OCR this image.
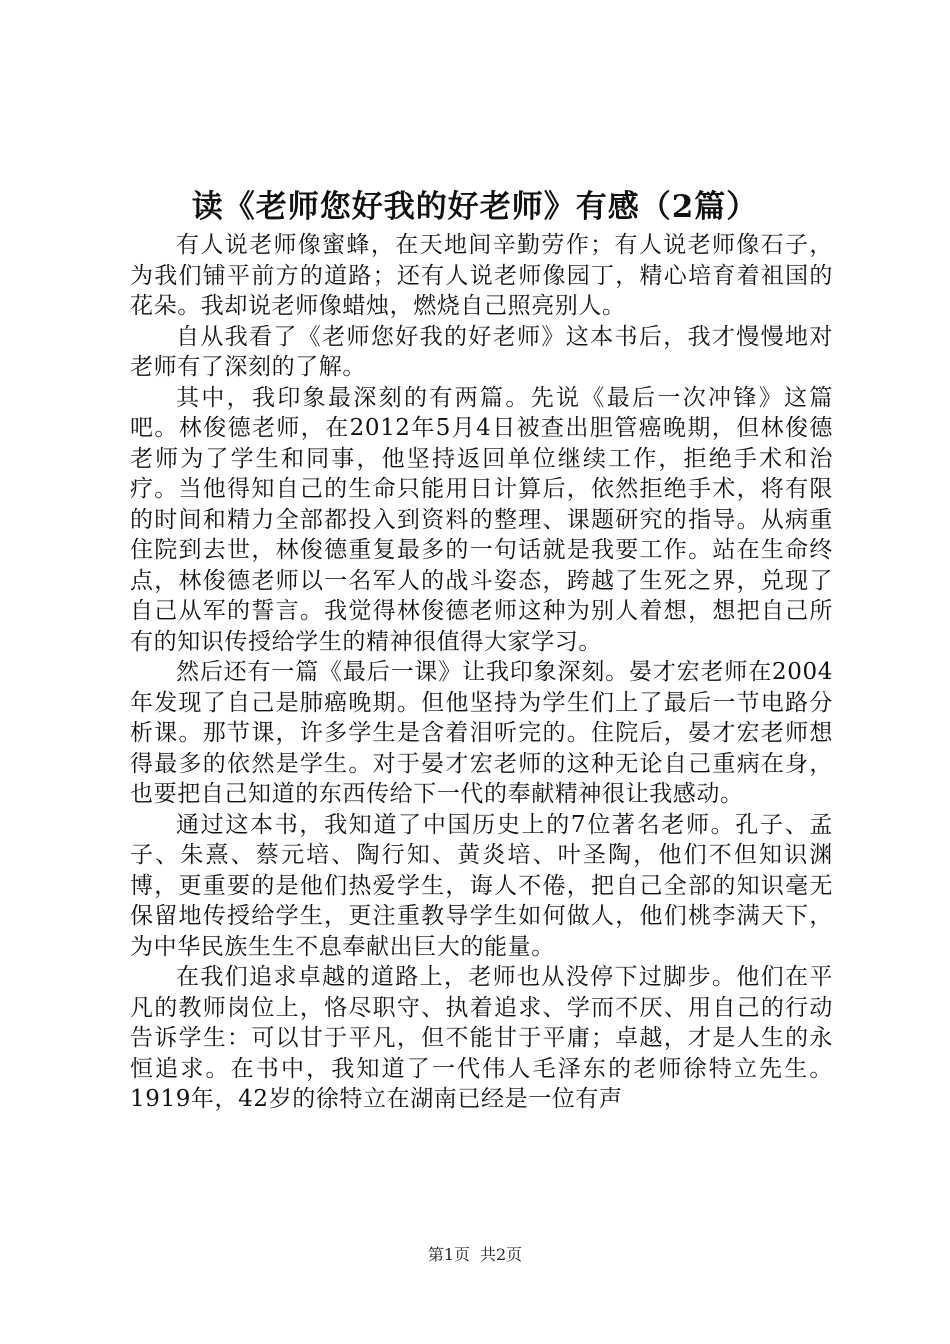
读《老师您好我的好老师》有感（2篇）

有人说老师像蜜蜂，在天地间辛勤劳作；有人说老师像石子，为我们铺平前方的道路；还有人说老师像园丁，精心培育着祖国的花朵。我却说老师像蜡烛，燃烧自己照亮别人。

自从我看了《老师您好我的好老师》这本书后，我才慢慢地对老师有了深刻的了解。

其中，我印象最深刻的有两篇。先说《最后一次冲锋》这篇吧。林俊德老师，在2012年5月4日被查出胆管癌晚期，但林俊德老师为了学生和同事，他坚持返回单位继续工作，拒绝手术和治疗。当他得知自己的生命只能用日计算后，依然拒绝手术，将有限的时间和精力全部都投入到资料的整理、课题研究的指导。从病重住院到去世，林俊德重复最多的一句话就是我要工作。站在生命终点，林俊德老师以一名军人的战斗姿态，跨越了生死之界，兑现了自己从军的誓言。我觉得林俊德老师这种为别人着想，想把自己所有的知识传授给学生的精神很值得大家学习。

然后还有一篇《最后一课》让我印象深刻。晏才宏老师在2004年发现了自己是肺癌晚期。但他坚持为学生们上了最后一节电路分析课。那节课，许多学生是含着泪听完的。住院后，晏才宏老师想得最多的依然是学生。对于晏才宏老师的这种无论自己重病在身，也要把自己知道的东西传给下一代的奉献精神很让我感动。

通过这本书，我知道了中国历史上的7位著名老师。孔子、孟子、朱熹、蔡元培、陶行知、黄炎培、叶圣陶，他们不但知识渊博，更重要的是他们热爱学生，诲人不倦，把自己全部的知识毫无保留地传授给学生，更注重教导学生如何做人，他们桃李满天下，为中华民族生生不息奉献出巨大的能量。

在我们追求卓越的道路上，老师也从没停下过脚步。他们在平凡的教师岗位上，恪尽职守、执着追求、学而不厌、用自己的行动告诉学生：可以甘于平凡，但不能甘于平庸；卓越，才是人生的永恒追求。在书中，我知道了一代伟人毛泽东的老师徐特立先生。1919年，42岁的徐特立在湖南已经是一位有声

第1页 共2页
